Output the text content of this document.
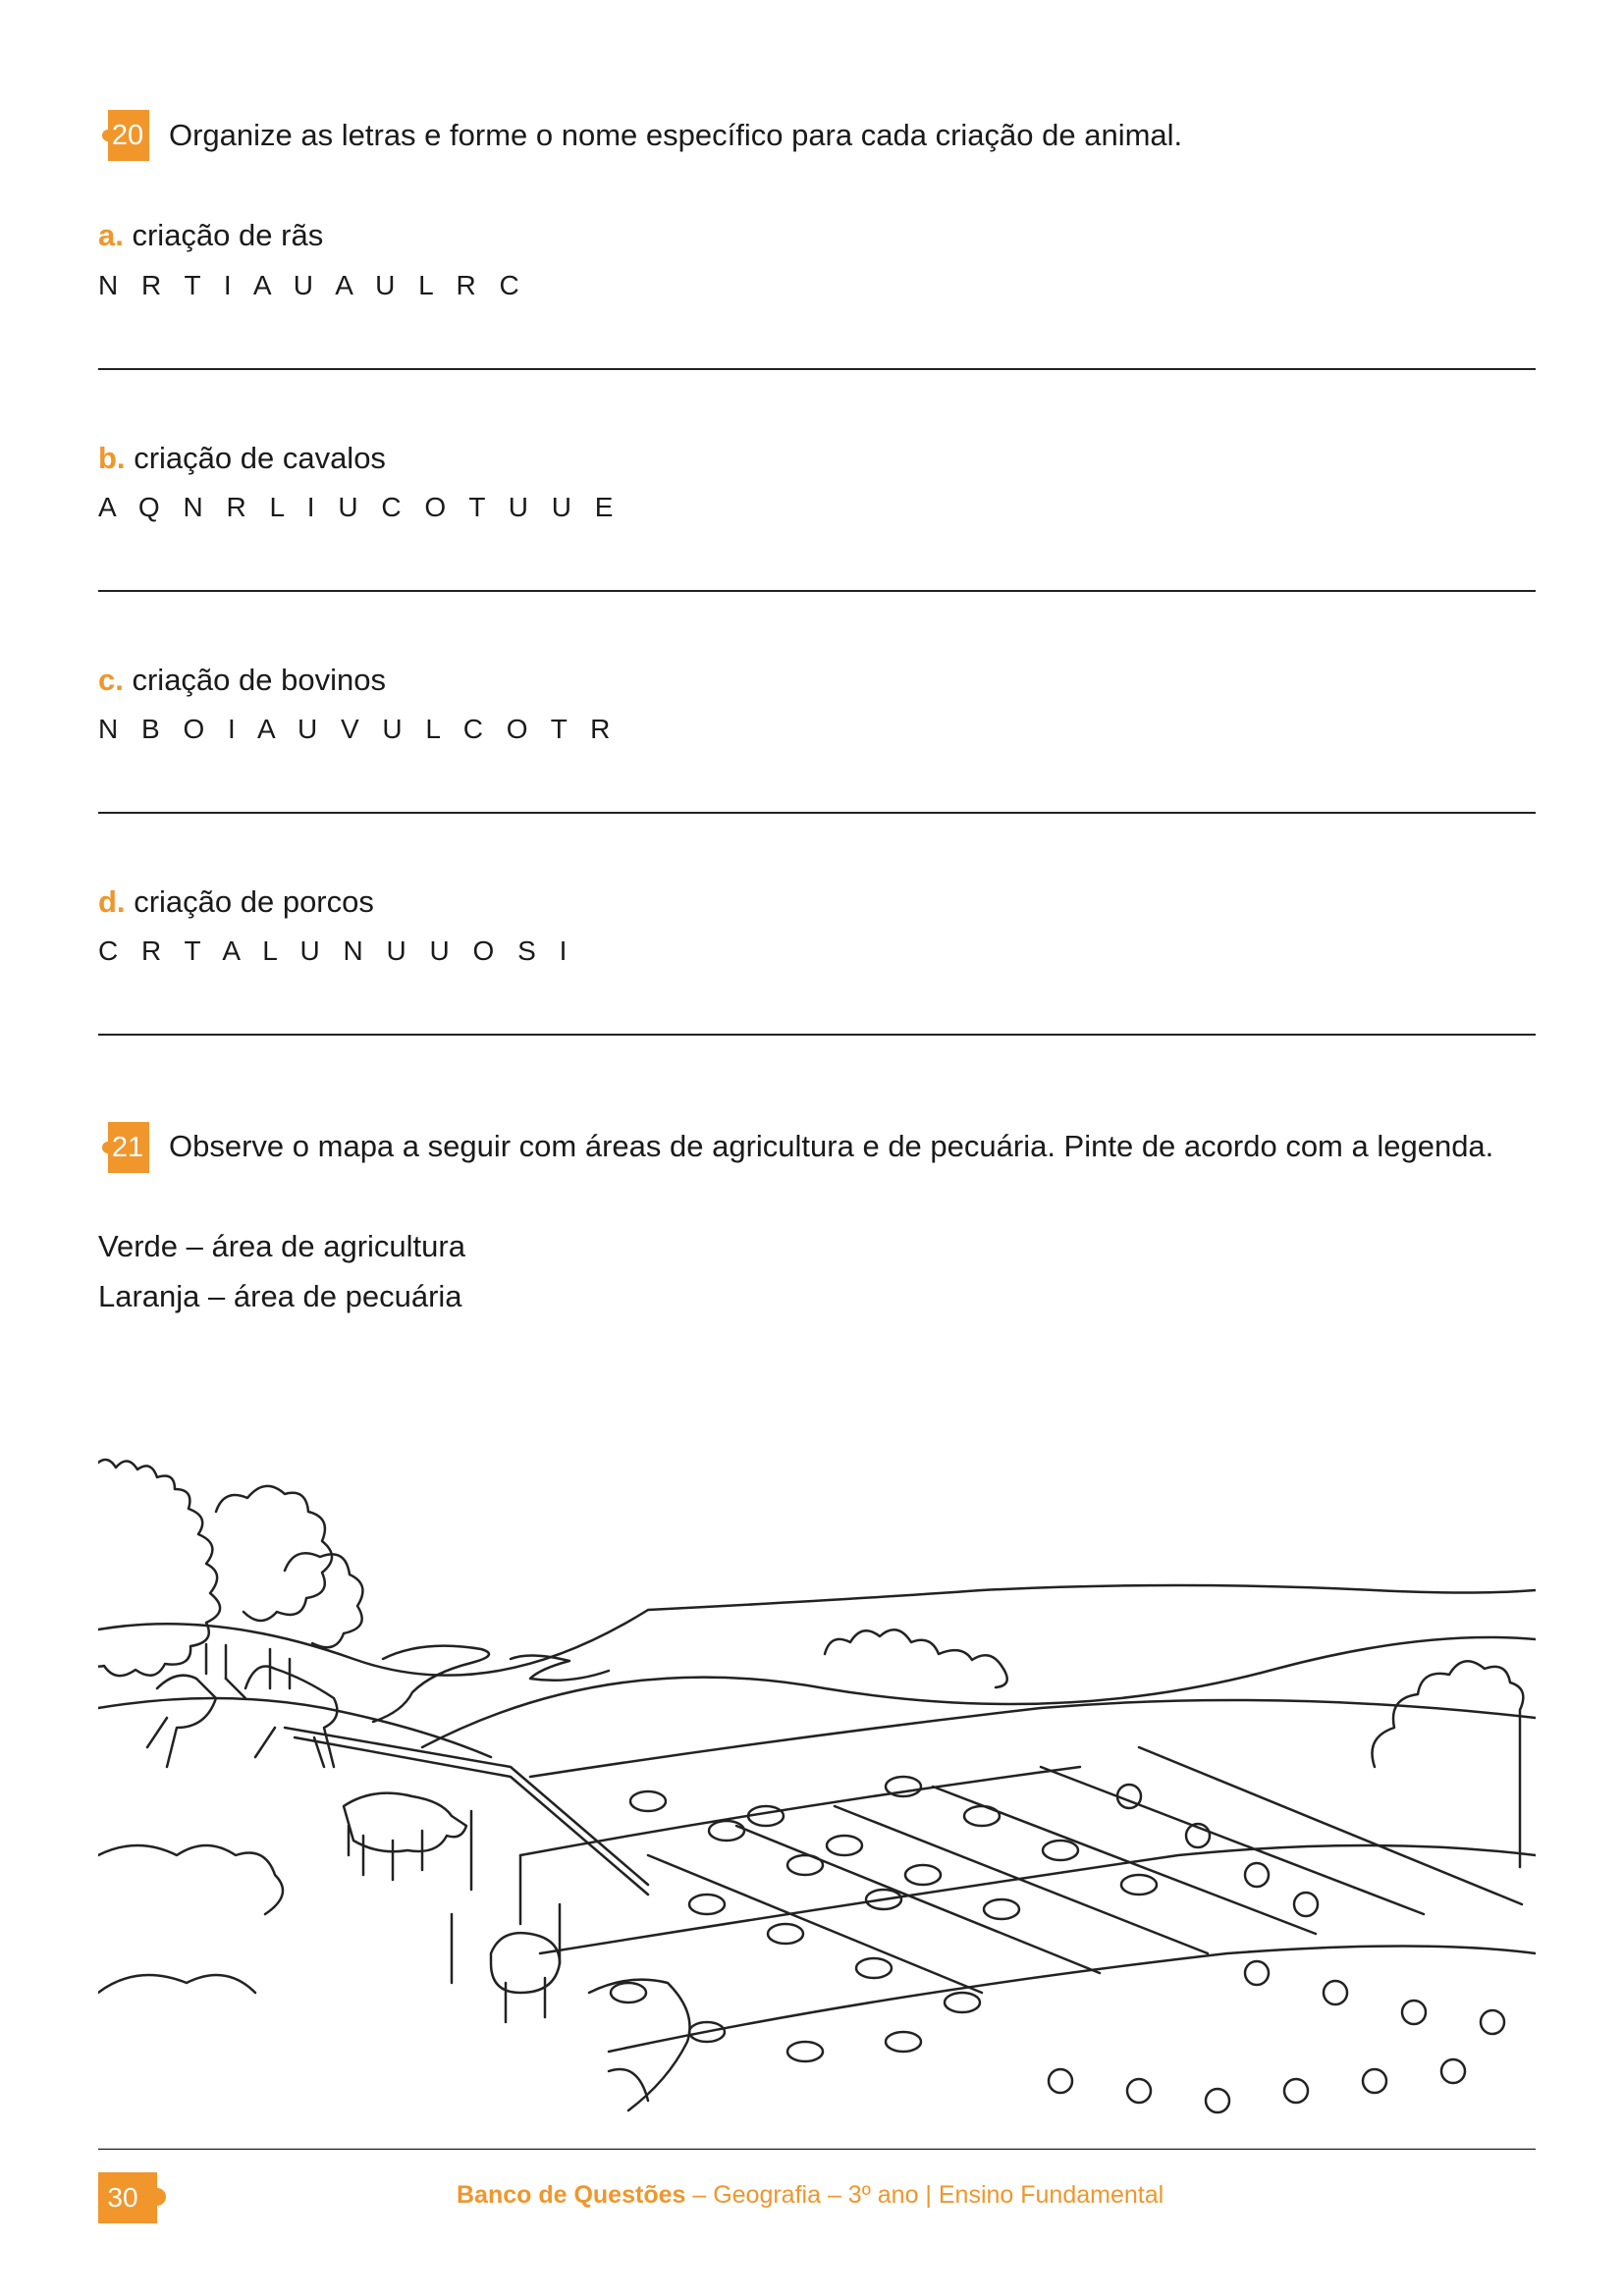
20 Organize as letras e forme o nome específico para cada criação de animal.
a. criação de rãs
N R T I A U A U L R C
b. criação de cavalos
A Q N R L I U C O T U U E
c. criação de bovinos
N B O I A U V U L C O T R
d. criação de porcos
C R T A L U N U U O S I
21 Observe o mapa a seguir com áreas de agricultura e de pecuária. Pinte de acordo com a legenda.
Verde – área de agricultura
Laranja – área de pecuária
30	Banco de Questões – Geografia – 3º ano | Ensino Fundamental
